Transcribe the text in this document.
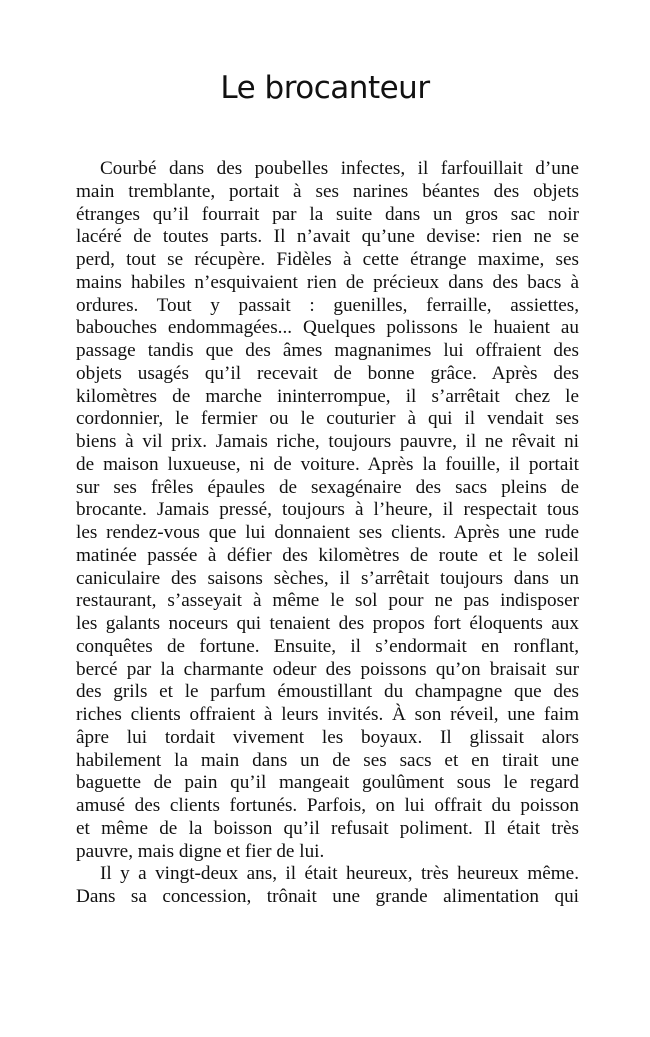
Le brocanteur
Courbé dans des poubelles infectes, il farfouillait d’une
main tremblante, portait à ses narines béantes des objets
étranges qu’il fourrait par la suite dans un gros sac noir
lacéré de toutes parts. Il n’avait qu’une devise: rien ne se
perd, tout se récupère. Fidèles à cette étrange maxime, ses
mains habiles n’esquivaient rien de précieux dans des bacs à
ordures. Tout y passait : guenilles, ferraille, assiettes,
babouches endommagées... Quelques polissons le huaient au
passage tandis que des âmes magnanimes lui offraient des
objets usagés qu’il recevait de bonne grâce. Après des
kilomètres de marche ininterrompue, il s’arrêtait chez le
cordonnier, le fermier ou le couturier à qui il vendait ses
biens à vil prix. Jamais riche, toujours pauvre, il ne rêvait ni
de maison luxueuse, ni de voiture. Après la fouille, il portait
sur ses frêles épaules de sexagénaire des sacs pleins de
brocante. Jamais pressé, toujours à l’heure, il respectait tous
les rendez-vous que lui donnaient ses clients. Après une rude
matinée passée à défier des kilomètres de route et le soleil
caniculaire des saisons sèches, il s’arrêtait toujours dans un
restaurant, s’asseyait à même le sol pour ne pas indisposer
les galants noceurs qui tenaient des propos fort éloquents aux
conquêtes de fortune. Ensuite, il s’endormait en ronflant,
bercé par la charmante odeur des poissons qu’on braisait sur
des grils et le parfum émoustillant du champagne que des
riches clients offraient à leurs invités. À son réveil, une faim
âpre lui tordait vivement les boyaux. Il glissait alors
habilement la main dans un de ses sacs et en tirait une
baguette de pain qu’il mangeait goulûment sous le regard
amusé des clients fortunés. Parfois, on lui offrait du poisson
et même de la boisson qu’il refusait poliment. Il était très
pauvre, mais digne et fier de lui.
Il y a vingt-deux ans, il était heureux, très heureux même.
Dans sa concession, trônait une grande alimentation qui
